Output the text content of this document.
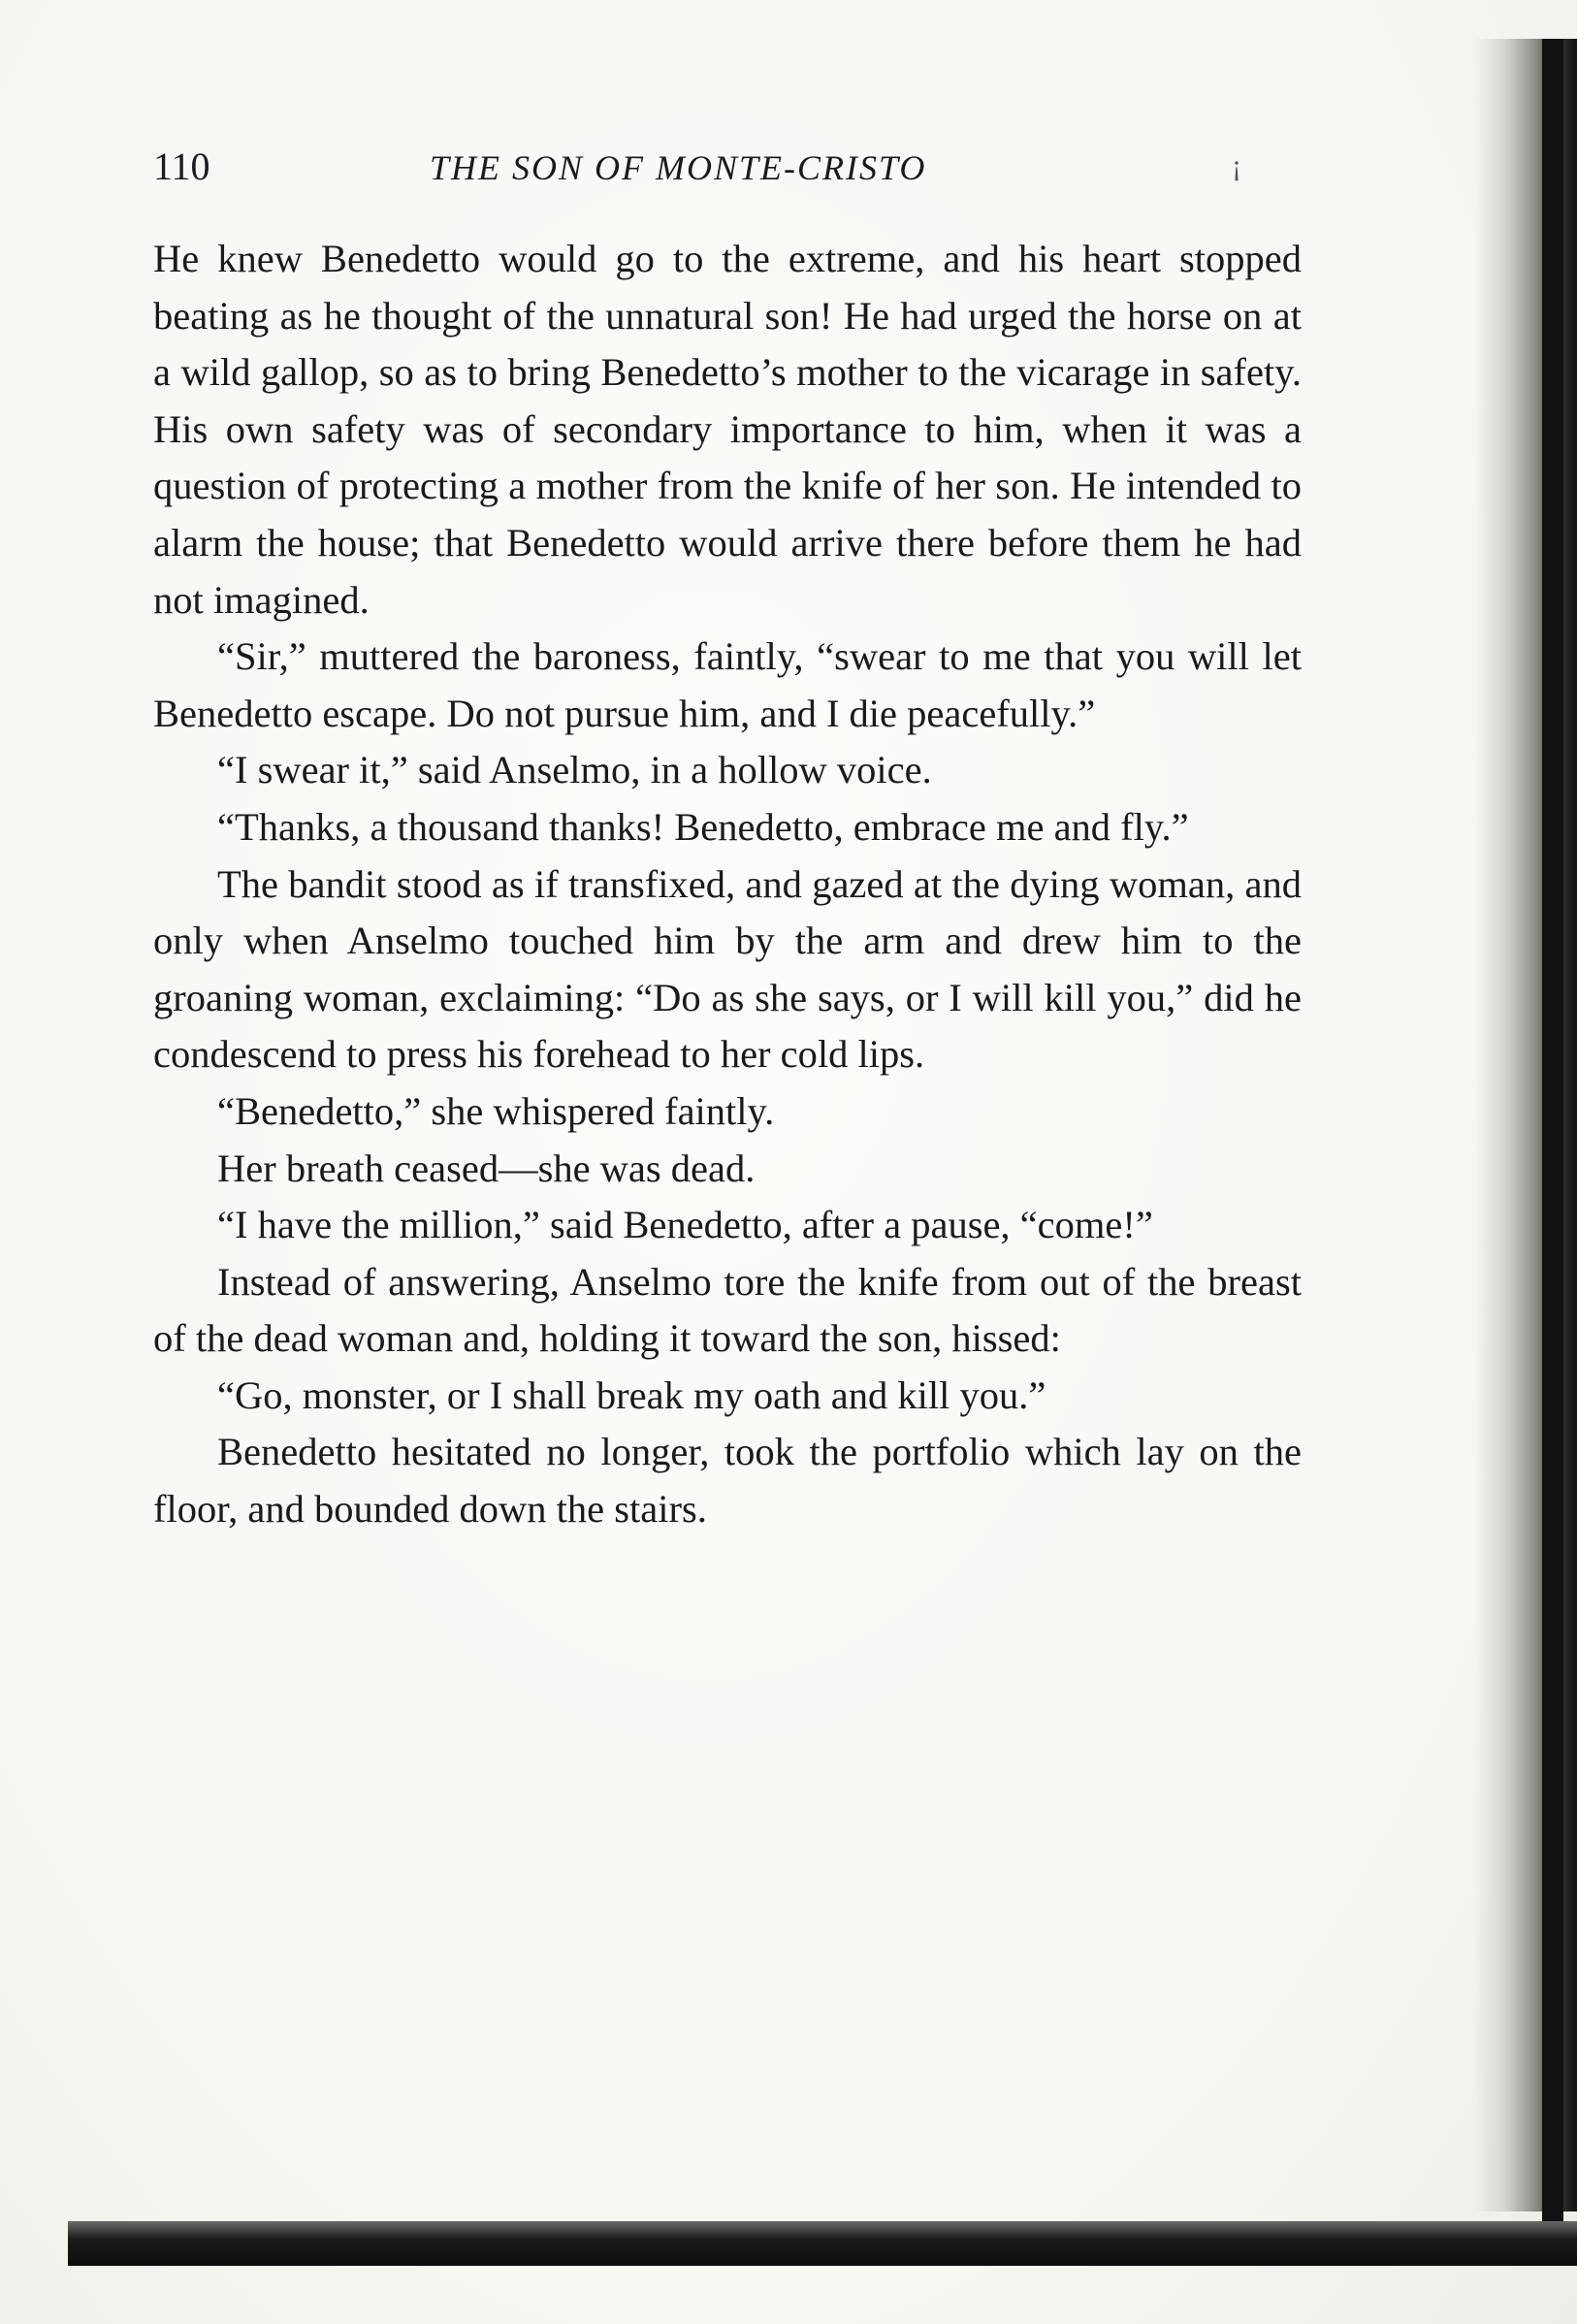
110	THE SON OF MONTE-CRISTO	¡

He knew Benedetto would go to the extreme, and his heart stopped beating as he thought of the unnatural son! He had urged the horse on at a wild gallop, so as to bring Benedetto’s mother to the vicarage in safety. His own safety was of secondary importance to him, when it was a question of protecting a mother from the knife of her son. He intended to alarm the house; that Benedetto would arrive there before them he had not imagined.

“Sir,” muttered the baroness, faintly, “swear to me that you will let Benedetto escape. Do not pursue him, and I die peacefully.”

“I swear it,” said Anselmo, in a hollow voice.

“Thanks, a thousand thanks! Benedetto, embrace me and fly.”

The bandit stood as if transfixed, and gazed at the dying woman, and only when Anselmo touched him by the arm and drew him to the groaning woman, exclaiming: “Do as she says, or I will kill you,” did he condescend to press his forehead to her cold lips.

“Benedetto,” she whispered faintly.

Her breath ceased—she was dead.

“I have the million,” said Benedetto, after a pause, “come!”

Instead of answering, Anselmo tore the knife from out of the breast of the dead woman and, holding it toward the son, hissed:

“Go, monster, or I shall break my oath and kill you.”

Benedetto hesitated no longer, took the portfolio which lay on the floor, and bounded down the stairs.
